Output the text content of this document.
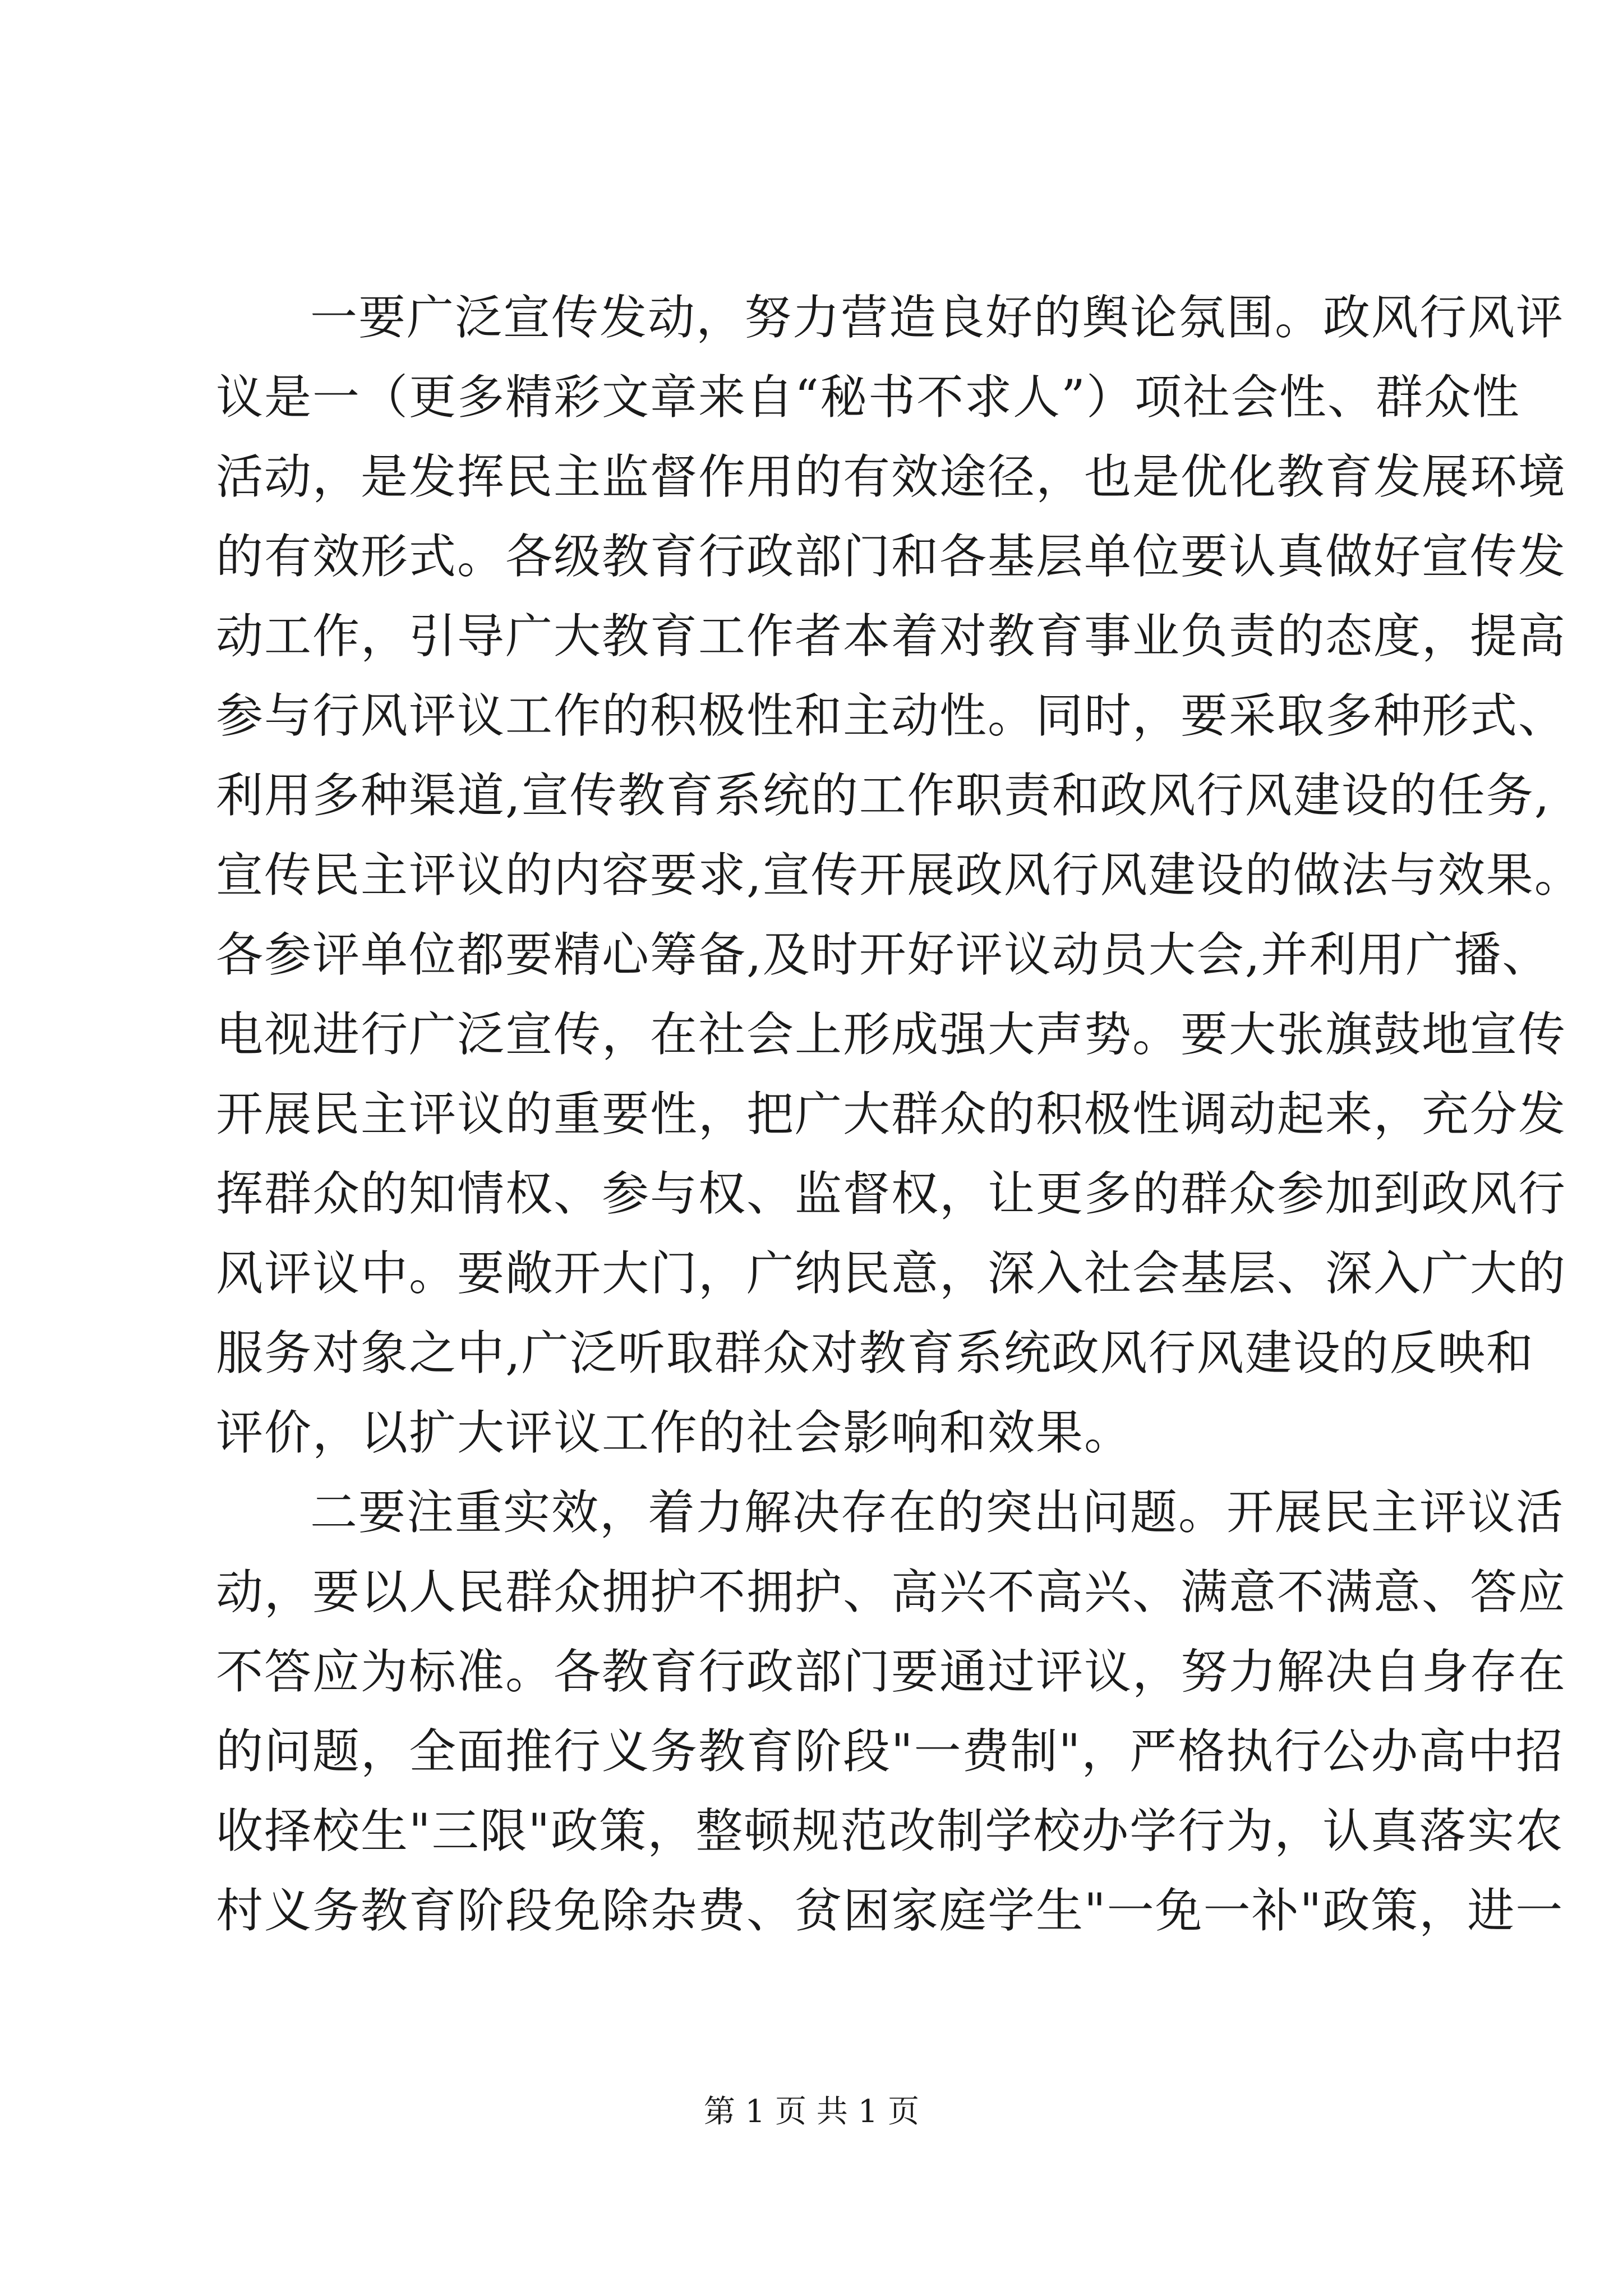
一要广泛宣传发动，努力营造良好的舆论氛围。政风行风评
议是一（更多精彩文章来自“秘书不求人”）项社会性、群众性
活动，是发挥民主监督作用的有效途径，也是优化教育发展环境
的有效形式。各级教育行政部门和各基层单位要认真做好宣传发
动工作，引导广大教育工作者本着对教育事业负责的态度，提高
参与行风评议工作的积极性和主动性。同时，要采取多种形式、
利用多种渠道,宣传教育系统的工作职责和政风行风建设的任务,
宣传民主评议的内容要求,宣传开展政风行风建设的做法与效果。
各参评单位都要精心筹备,及时开好评议动员大会,并利用广播、
电视进行广泛宣传，在社会上形成强大声势。要大张旗鼓地宣传
开展民主评议的重要性，把广大群众的积极性调动起来，充分发
挥群众的知情权、参与权、监督权，让更多的群众参加到政风行
风评议中。要敞开大门，广纳民意，深入社会基层、深入广大的
服务对象之中,广泛听取群众对教育系统政风行风建设的反映和
评价，以扩大评议工作的社会影响和效果。
二要注重实效，着力解决存在的突出问题。开展民主评议活
动，要以人民群众拥护不拥护、高兴不高兴、满意不满意、答应
不答应为标准。各教育行政部门要通过评议，努力解决自身存在
的问题，全面推行义务教育阶段"一费制"，严格执行公办高中招
收择校生"三限"政策，整顿规范改制学校办学行为，认真落实农
村义务教育阶段免除杂费、贫困家庭学生"一免一补"政策，进一
第 1 页 共 1 页
